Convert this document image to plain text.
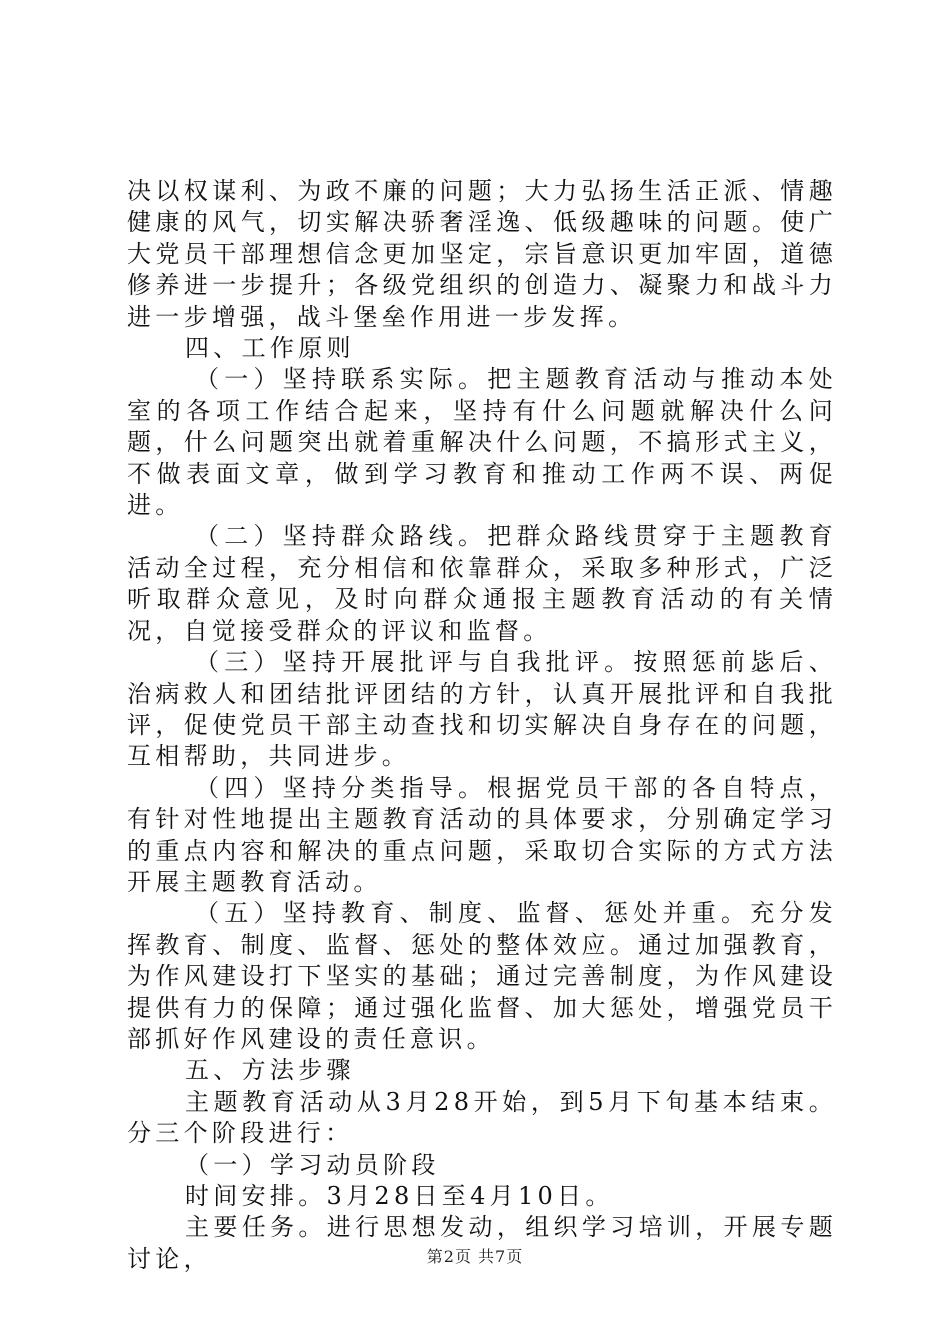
决以权谋利、为政不廉的问题；大力弘扬生活正派、情趣健康的风气，切实解决骄奢淫逸、低级趣味的问题。使广大党员干部理想信念更加坚定，宗旨意识更加牢固，道德修养进一步提升；各级党组织的创造力、凝聚力和战斗力进一步增强，战斗堡垒作用进一步发挥。

四、工作原则

（一）坚持联系实际。把主题教育活动与推动本处室的各项工作结合起来，坚持有什么问题就解决什么问题，什么问题突出就着重解决什么问题，不搞形式主义，不做表面文章，做到学习教育和推动工作两不误、两促进。

（二）坚持群众路线。把群众路线贯穿于主题教育活动全过程，充分相信和依靠群众，采取多种形式，广泛听取群众意见，及时向群众通报主题教育活动的有关情况，自觉接受群众的评议和监督。

（三）坚持开展批评与自我批评。按照惩前毖后、治病救人和团结批评团结的方针，认真开展批评和自我批评，促使党员干部主动查找和切实解决自身存在的问题，互相帮助，共同进步。

（四）坚持分类指导。根据党员干部的各自特点，有针对性地提出主题教育活动的具体要求，分别确定学习的重点内容和解决的重点问题，采取切合实际的方式方法开展主题教育活动。

（五）坚持教育、制度、监督、惩处并重。充分发挥教育、制度、监督、惩处的整体效应。通过加强教育，为作风建设打下坚实的基础；通过完善制度，为作风建设提供有力的保障；通过强化监督、加大惩处，增强党员干部抓好作风建设的责任意识。

五、方法步骤

主题教育活动从3月28开始，到5月下旬基本结束。分三个阶段进行：

（一）学习动员阶段

时间安排。3月28日至4月10日。

主要任务。进行思想发动，组织学习培训，开展专题讨论，	第2页 共7页
